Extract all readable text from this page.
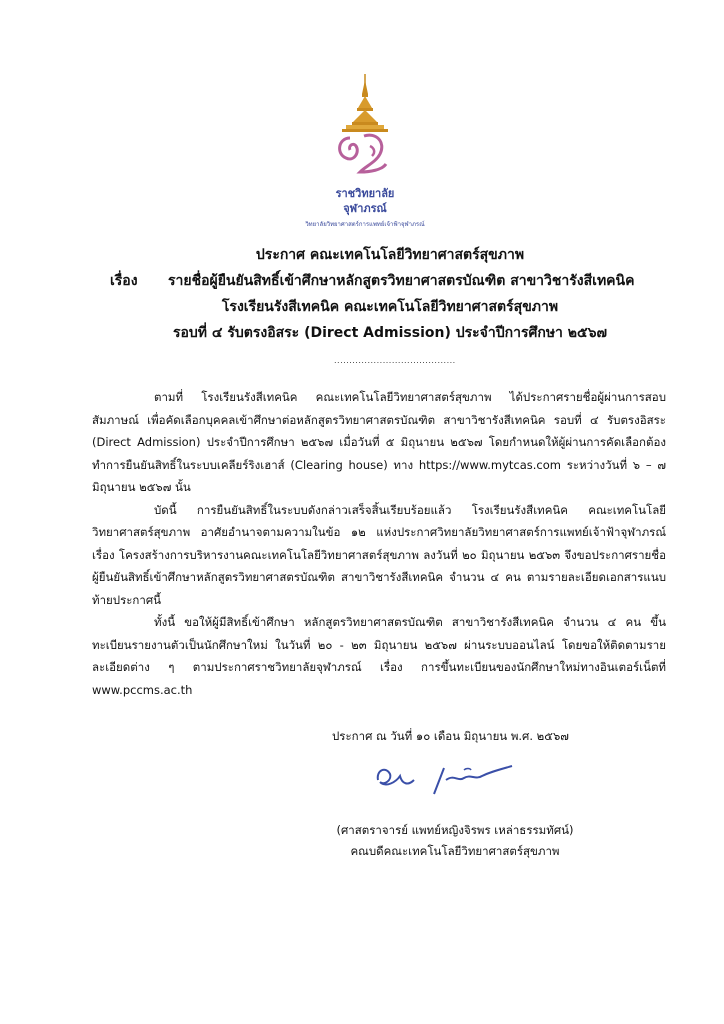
ราชวิทยาลัย
จุฬาภรณ์
วิทยาลัยวิทยาศาสตร์การแพทย์เจ้าฟ้าจุฬาภรณ์
ประกาศ คณะเทคโนโลยีวิทยาศาสตร์สุขภาพ
เรื่อง	รายชื่อผู้ยืนยันสิทธิ์เข้าศึกษาหลักสูตรวิทยาศาสตรบัณฑิต สาขาวิชารังสีเทคนิค
โรงเรียนรังสีเทคนิค คณะเทคโนโลยีวิทยาศาสตร์สุขภาพ
รอบที่ ๔ รับตรงอิสระ (Direct Admission) ประจำปีการศึกษา ๒๕๖๗
........................................

ตามที่ โรงเรียนรังสีเทคนิค คณะเทคโนโลยีวิทยาศาสตร์สุขภาพ ได้ประกาศรายชื่อผู้ผ่านการสอบสัมภาษณ์ เพื่อคัดเลือกบุคคลเข้าศึกษาต่อหลักสูตรวิทยาศาสตรบัณฑิต สาขาวิชารังสีเทคนิค รอบที่ ๔ รับตรงอิสระ (Direct Admission) ประจำปีการศึกษา ๒๕๖๗ เมื่อวันที่ ๕ มิถุนายน ๒๕๖๗ โดยกำหนดให้ผู้ผ่านการคัดเลือกต้องทำการยืนยันสิทธิ์ในระบบเคลียร์ริงเฮาส์ (Clearing house) ทาง https://www.mytcas.com ระหว่างวันที่ ๖ – ๗ มิถุนายน ๒๕๖๗ นั้น

บัดนี้ การยืนยันสิทธิ์ในระบบดังกล่าวเสร็จสิ้นเรียบร้อยแล้ว โรงเรียนรังสีเทคนิค คณะเทคโนโลยีวิทยาศาสตร์สุขภาพ อาศัยอำนาจตามความในข้อ ๑๒ แห่งประกาศวิทยาลัยวิทยาศาสตร์การแพทย์เจ้าฟ้าจุฬาภรณ์ เรื่อง โครงสร้างการบริหารงานคณะเทคโนโลยีวิทยาศาสตร์สุขภาพ ลงวันที่ ๒๐ มิถุนายน ๒๕๖๓ จึงขอประกาศรายชื่อผู้ยืนยันสิทธิ์เข้าศึกษาหลักสูตรวิทยาศาสตรบัณฑิต สาขาวิชารังสีเทคนิค จำนวน ๔ คน ตามรายละเอียดเอกสารแนบท้ายประกาศนี้

ทั้งนี้ ขอให้ผู้มีสิทธิ์เข้าศึกษา หลักสูตรวิทยาศาสตรบัณฑิต สาขาวิชารังสีเทคนิค จำนวน ๔ คน ขึ้นทะเบียนรายงานตัวเป็นนักศึกษาใหม่ ในวันที่ ๒๐ - ๒๓ มิถุนายน ๒๕๖๗ ผ่านระบบออนไลน์ โดยขอให้ติดตามรายละเอียดต่าง ๆ ตามประกาศราชวิทยาลัยจุฬาภรณ์ เรื่อง การขึ้นทะเบียนของนักศึกษาใหม่ทางอินเตอร์เน็ตที่ www.pccms.ac.th

ประกาศ ณ วันที่ ๑๐ เดือน มิถุนายน พ.ศ. ๒๕๖๗
(ศาสตราจารย์ แพทย์หญิงจิรพร เหล่าธรรมทัศน์)
คณบดีคณะเทคโนโลยีวิทยาศาสตร์สุขภาพ
